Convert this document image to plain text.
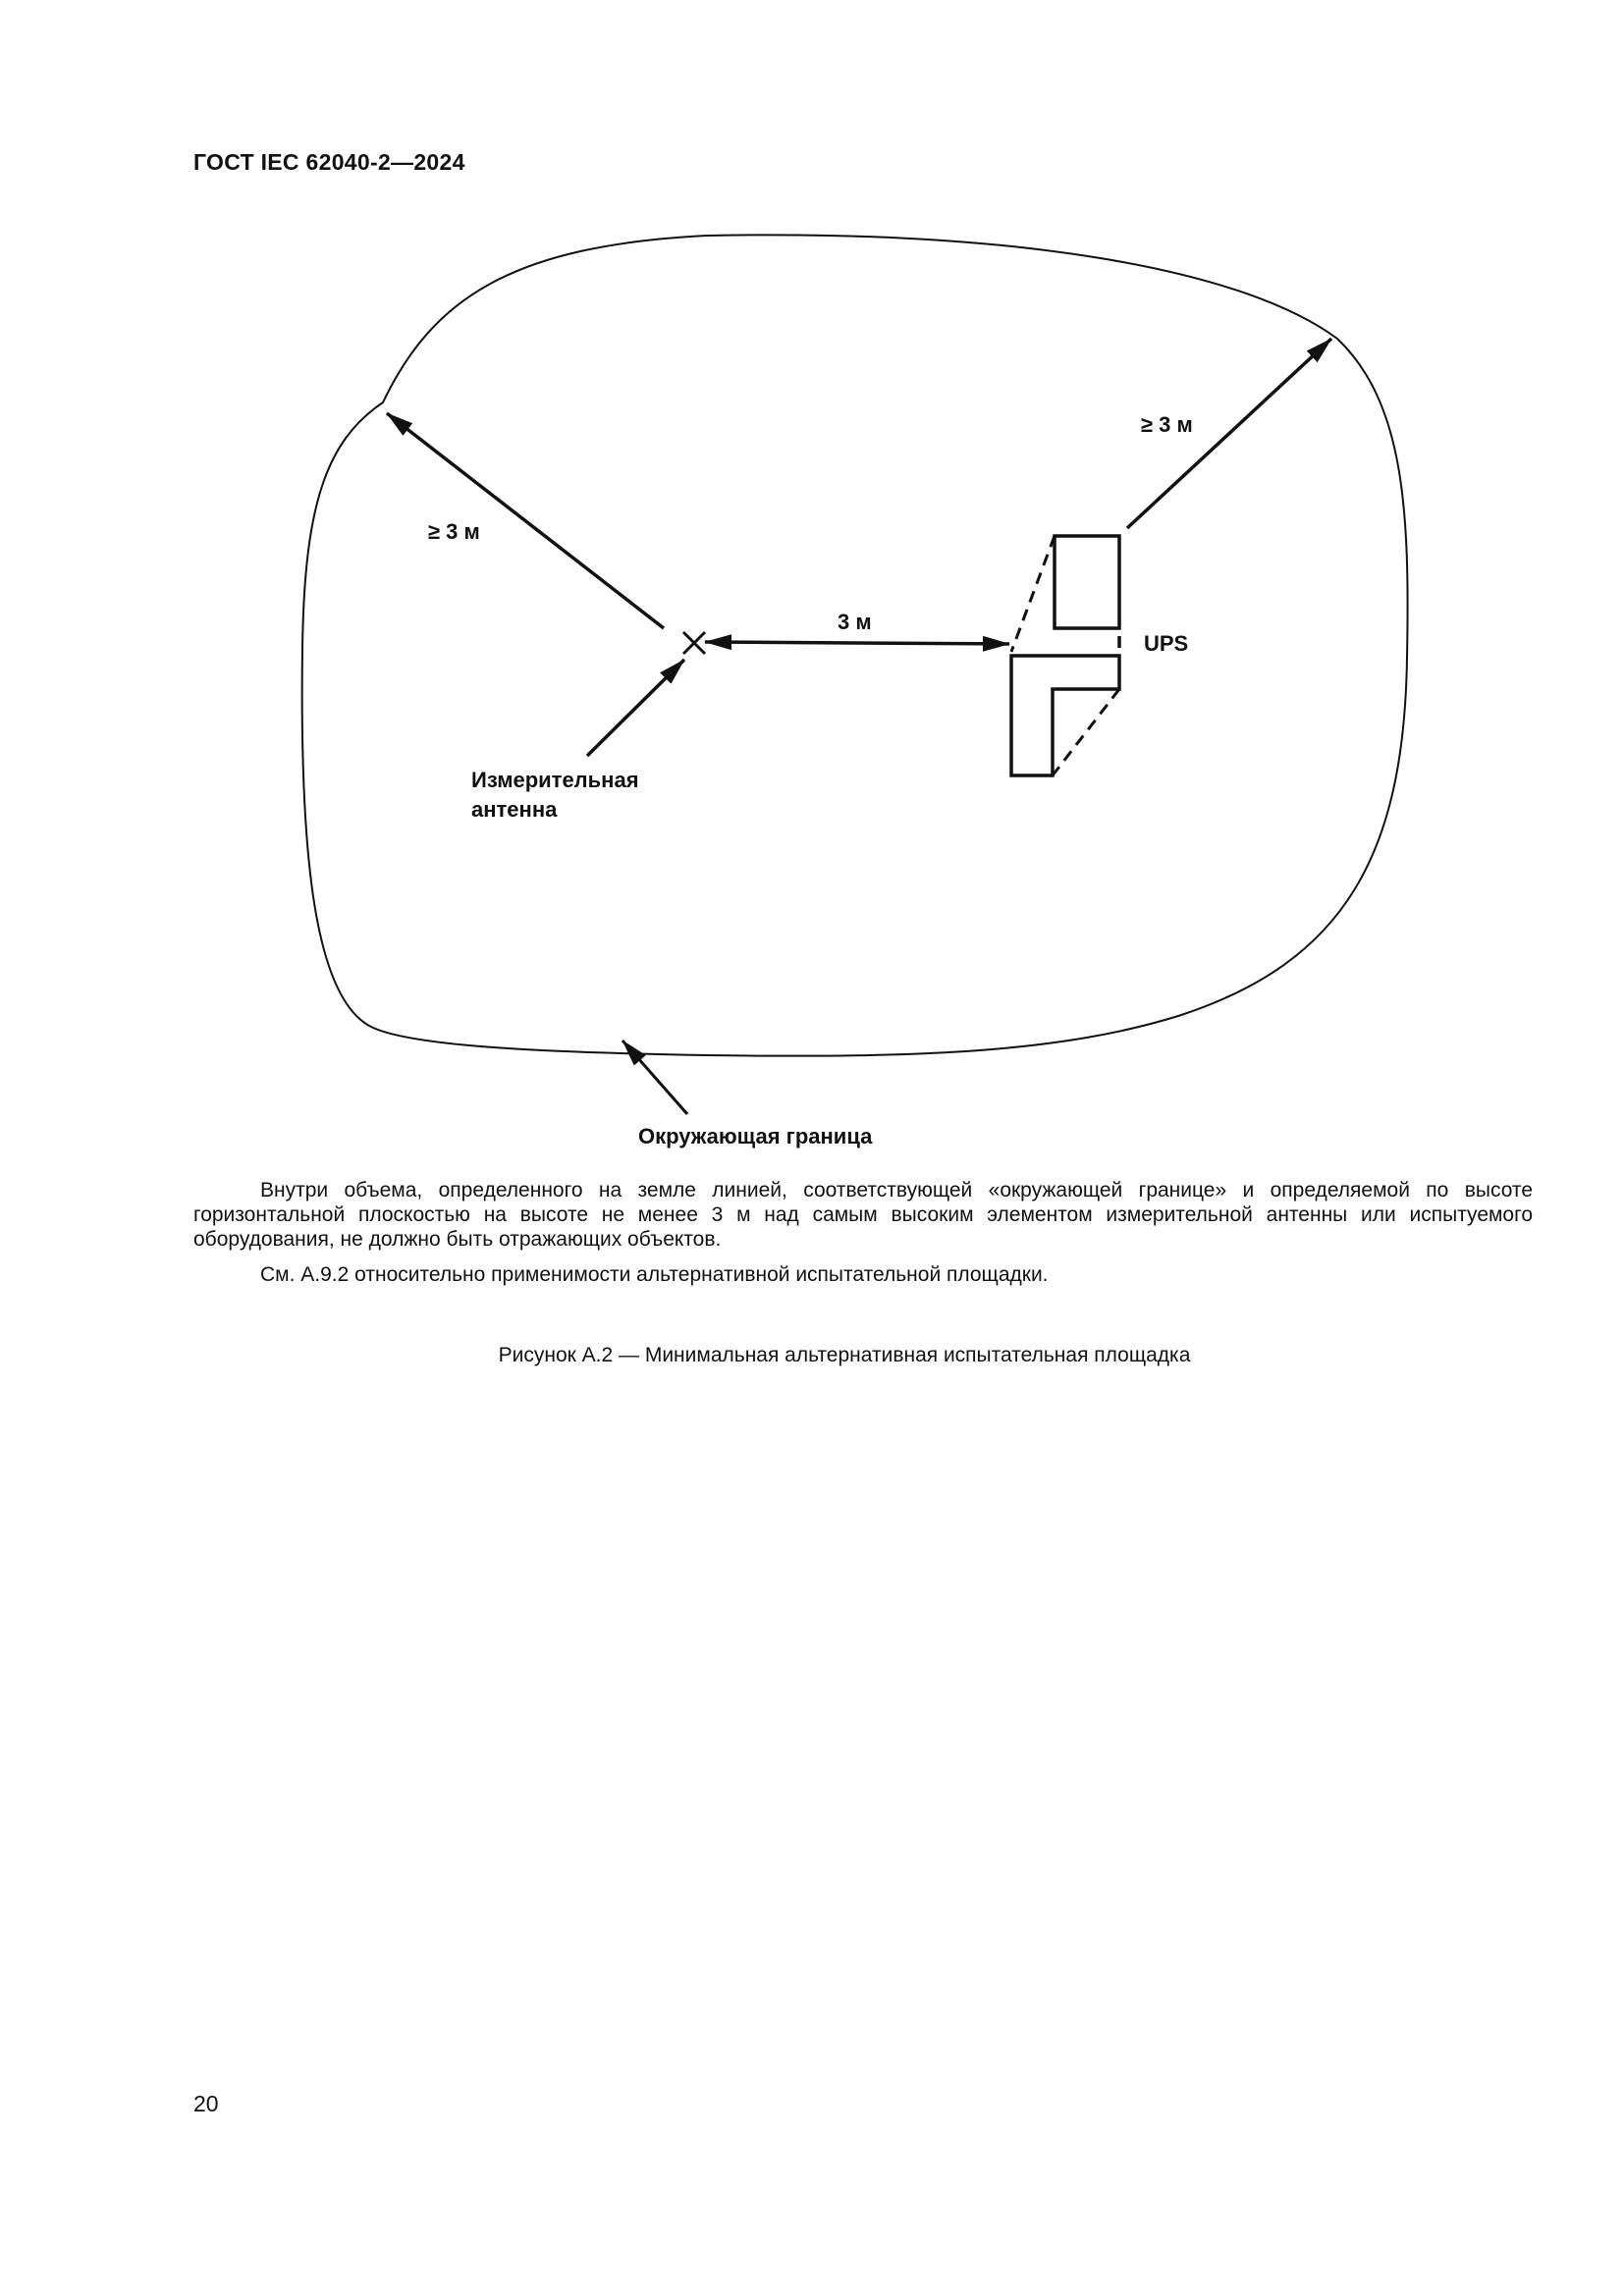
ГОСТ IEC 62040-2—2024
≥ 3 м
≥ 3 м
3 м
UPS
Измерительная
антенна
Окружающая граница

Внутри объема, определенного на земле линией, соответствующей «окружающей границе» и определяемой по высоте горизонтальной плоскостью на высоте не менее 3 м над самым высоким элементом измерительной антенны или испытуемого оборудования, не должно быть отражающих объектов.

См. А.9.2 относительно применимости альтернативной испытательной площадки.

Рисунок А.2 — Минимальная альтернативная испытательная площадка
20
